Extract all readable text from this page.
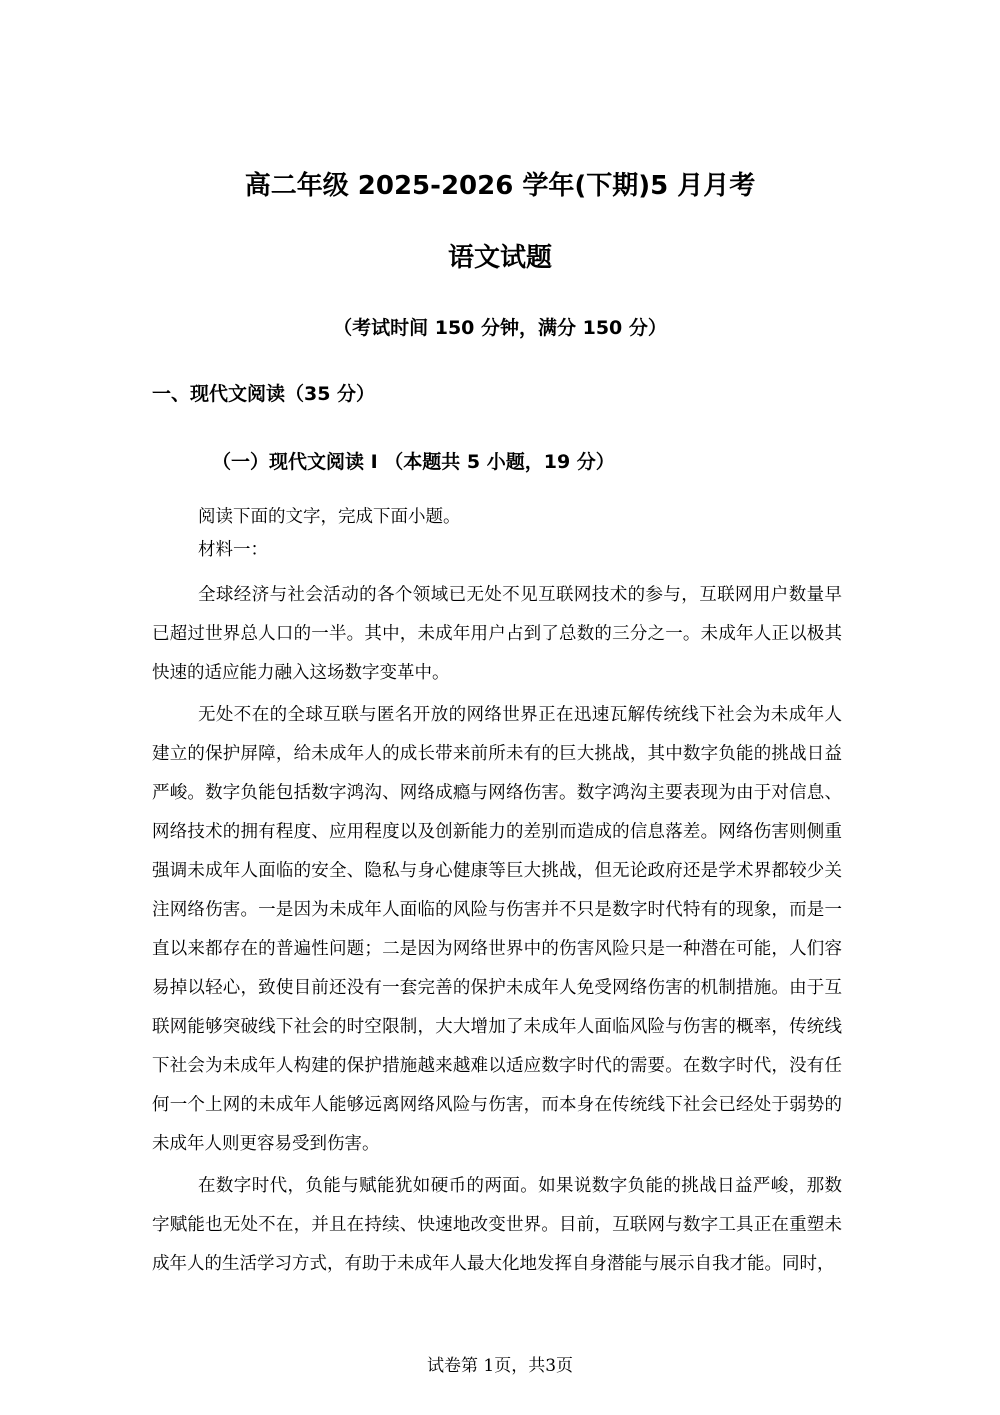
高二年级 2025-2026 学年(下期)5 月月考
语文试题
（考试时间 150 分钟，满分 150 分）
一、现代文阅读（35 分）
（一）现代文阅读 I （本题共 5 小题，19 分）

阅读下面的文字，完成下面小题。

材料一：

全球经济与社会活动的各个领域已无处不见互联网技术的参与，互联网用户数量早已超过世界总人口的一半。其中，未成年用户占到了总数的三分之一。未成年人正以极其快速的适应能力融入这场数字变革中。

无处不在的全球互联与匿名开放的网络世界正在迅速瓦解传统线下社会为未成年人建立的保护屏障，给未成年人的成长带来前所未有的巨大挑战，其中数字负能的挑战日益严峻。数字负能包括数字鸿沟、网络成瘾与网络伤害。数字鸿沟主要表现为由于对信息、网络技术的拥有程度、应用程度以及创新能力的差别而造成的信息落差。网络伤害则侧重强调未成年人面临的安全、隐私与身心健康等巨大挑战，但无论政府还是学术界都较少关注网络伤害。一是因为未成年人面临的风险与伤害并不只是数字时代特有的现象，而是一直以来都存在的普遍性问题；二是因为网络世界中的伤害风险只是一种潜在可能，人们容易掉以轻心，致使目前还没有一套完善的保护未成年人免受网络伤害的机制措施。由于互联网能够突破线下社会的时空限制，大大增加了未成年人面临风险与伤害的概率，传统线下社会为未成年人构建的保护措施越来越难以适应数字时代的需要。在数字时代，没有任何一个上网的未成年人能够远离网络风险与伤害，而本身在传统线下社会已经处于弱势的未成年人则更容易受到伤害。

在数字时代，负能与赋能犹如硬币的两面。如果说数字负能的挑战日益严峻，那数字赋能也无处不在，并且在持续、快速地改变世界。目前，互联网与数字工具正在重塑未成年人的生活学习方式，有助于未成年人最大化地发挥自身潜能与展示自我才能。同时，

试卷第 1页，共3页
